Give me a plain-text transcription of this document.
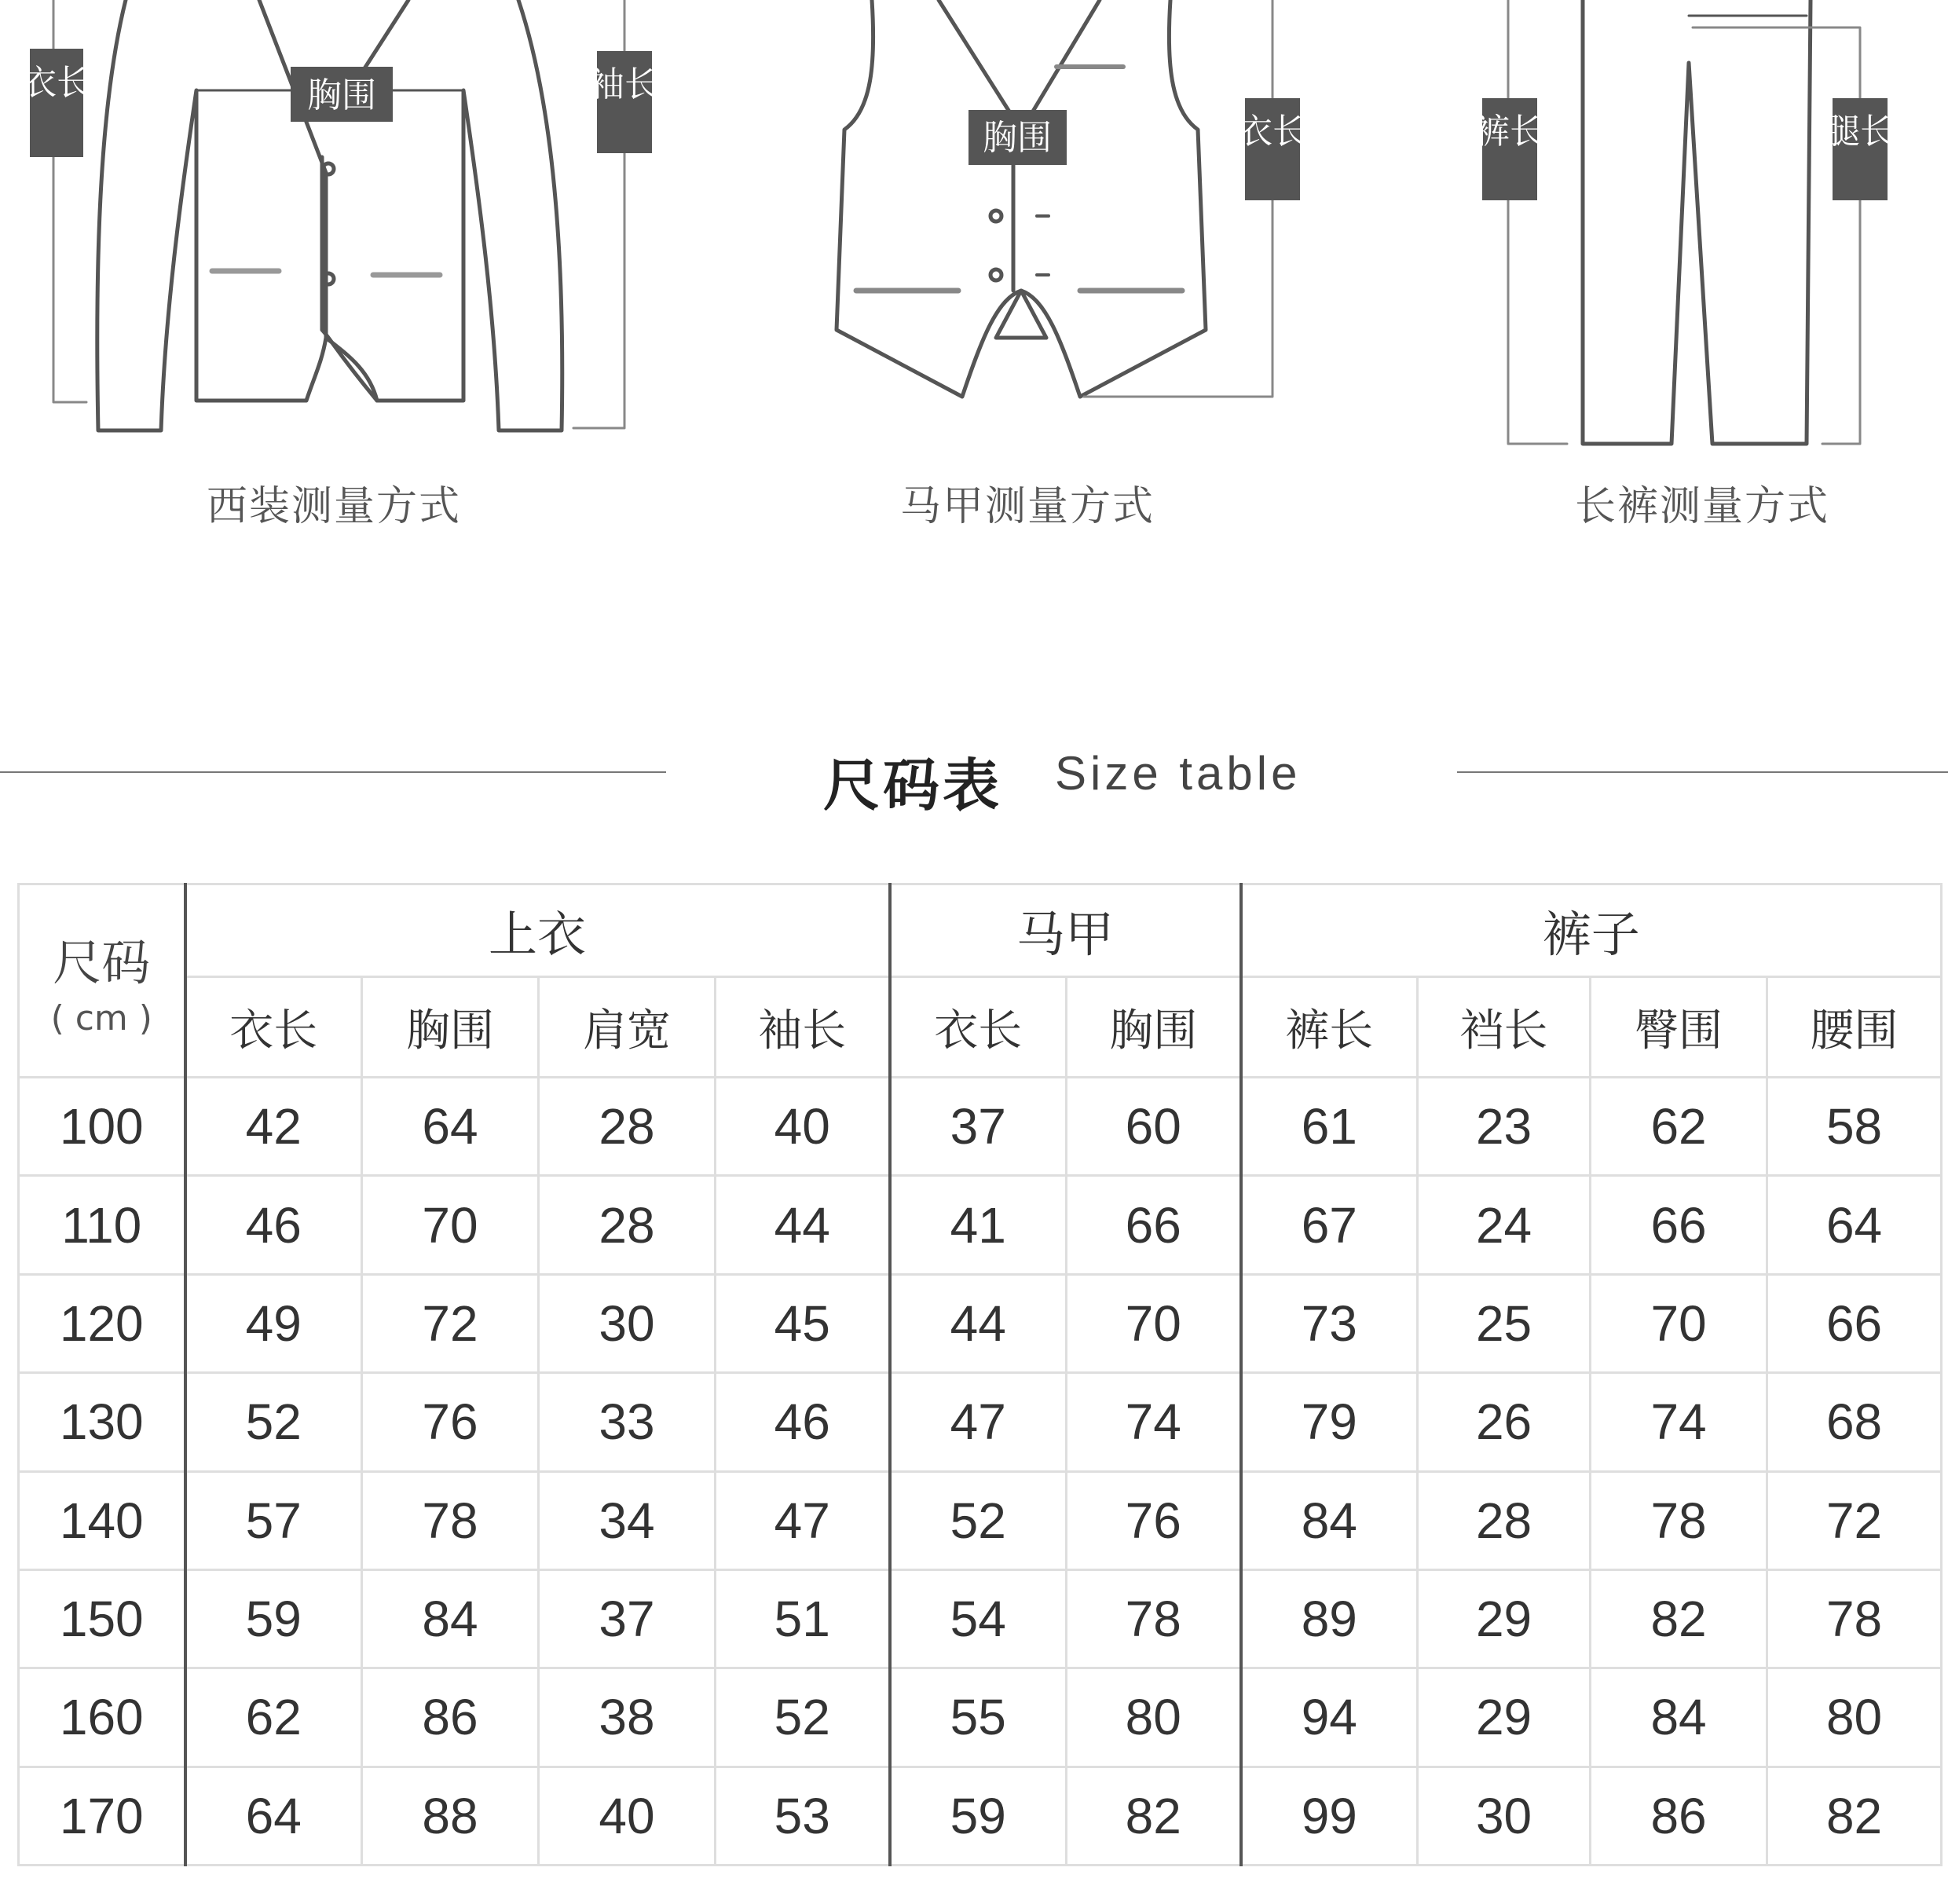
衣长	胸围	袖长
胸围	衣长	裤长	腿长
西装测量方式	马甲测量方式	长裤测量方式
尺码表 Size table
尺码
( cm )	上衣				马甲		裤子			
	衣长	胸围	肩宽	袖长	衣长	胸围	裤长	裆长	臀围	腰围
100	42	64	28	40	37	60	61	23	62	58
110	46	70	28	44	41	66	67	24	66	64
120	49	72	30	45	44	70	73	25	70	66
130	52	76	33	46	47	74	79	26	74	68
140	57	78	34	47	52	76	84	28	78	72
150	59	84	37	51	54	78	89	29	82	78
160	62	86	38	52	55	80	94	29	84	80
170	64	88	40	53	59	82	99	30	86	82
